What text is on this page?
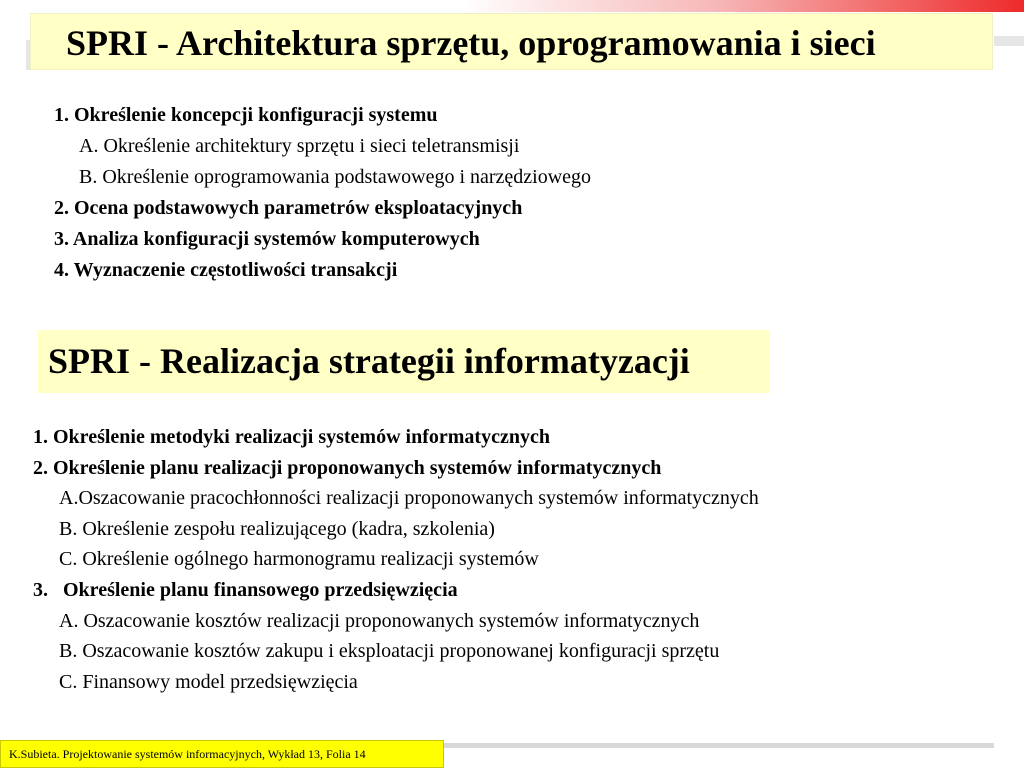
SPRI - Architektura sprzętu, oprogramowania i sieci
1. Określenie koncepcji konfiguracji systemu
A. Określenie architektury sprzętu i sieci teletransmisji
B. Określenie oprogramowania podstawowego i narzędziowego
2. Ocena podstawowych parametrów eksploatacyjnych
3. Analiza konfiguracji systemów komputerowych
4. Wyznaczenie częstotliwości transakcji
SPRI - Realizacja strategii informatyzacji
1. Określenie metodyki realizacji systemów informatycznych
2. Określenie planu realizacji proponowanych systemów informatycznych
A.Oszacowanie pracochłonności realizacji proponowanych systemów informatycznych
B. Określenie zespołu realizującego (kadra, szkolenia)
C. Określenie ogólnego harmonogramu realizacji systemów
3.   Określenie planu finansowego przedsięwzięcia
A. Oszacowanie kosztów realizacji proponowanych systemów informatycznych
B. Oszacowanie kosztów zakupu i eksploatacji proponowanej konfiguracji sprzętu
C. Finansowy model przedsięwzięcia
K.Subieta. Projektowanie systemów informacyjnych, Wykład 13, Folia 14
